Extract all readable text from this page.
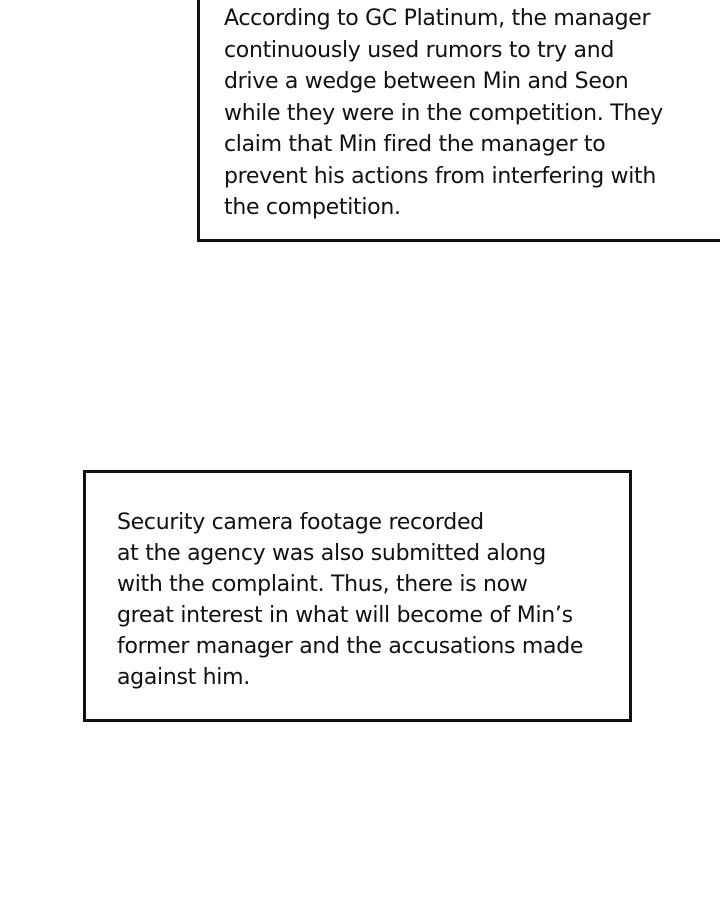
According to GC Platinum, the manager
continuously used rumors to try and
drive a wedge between Min and Seon
while they were in the competition. They
claim that Min fired the manager to
prevent his actions from interfering with
the competition.
Security camera footage recorded
at the agency was also submitted along
with the complaint. Thus, there is now
great interest in what will become of Min’s
former manager and the accusations made
against him.
